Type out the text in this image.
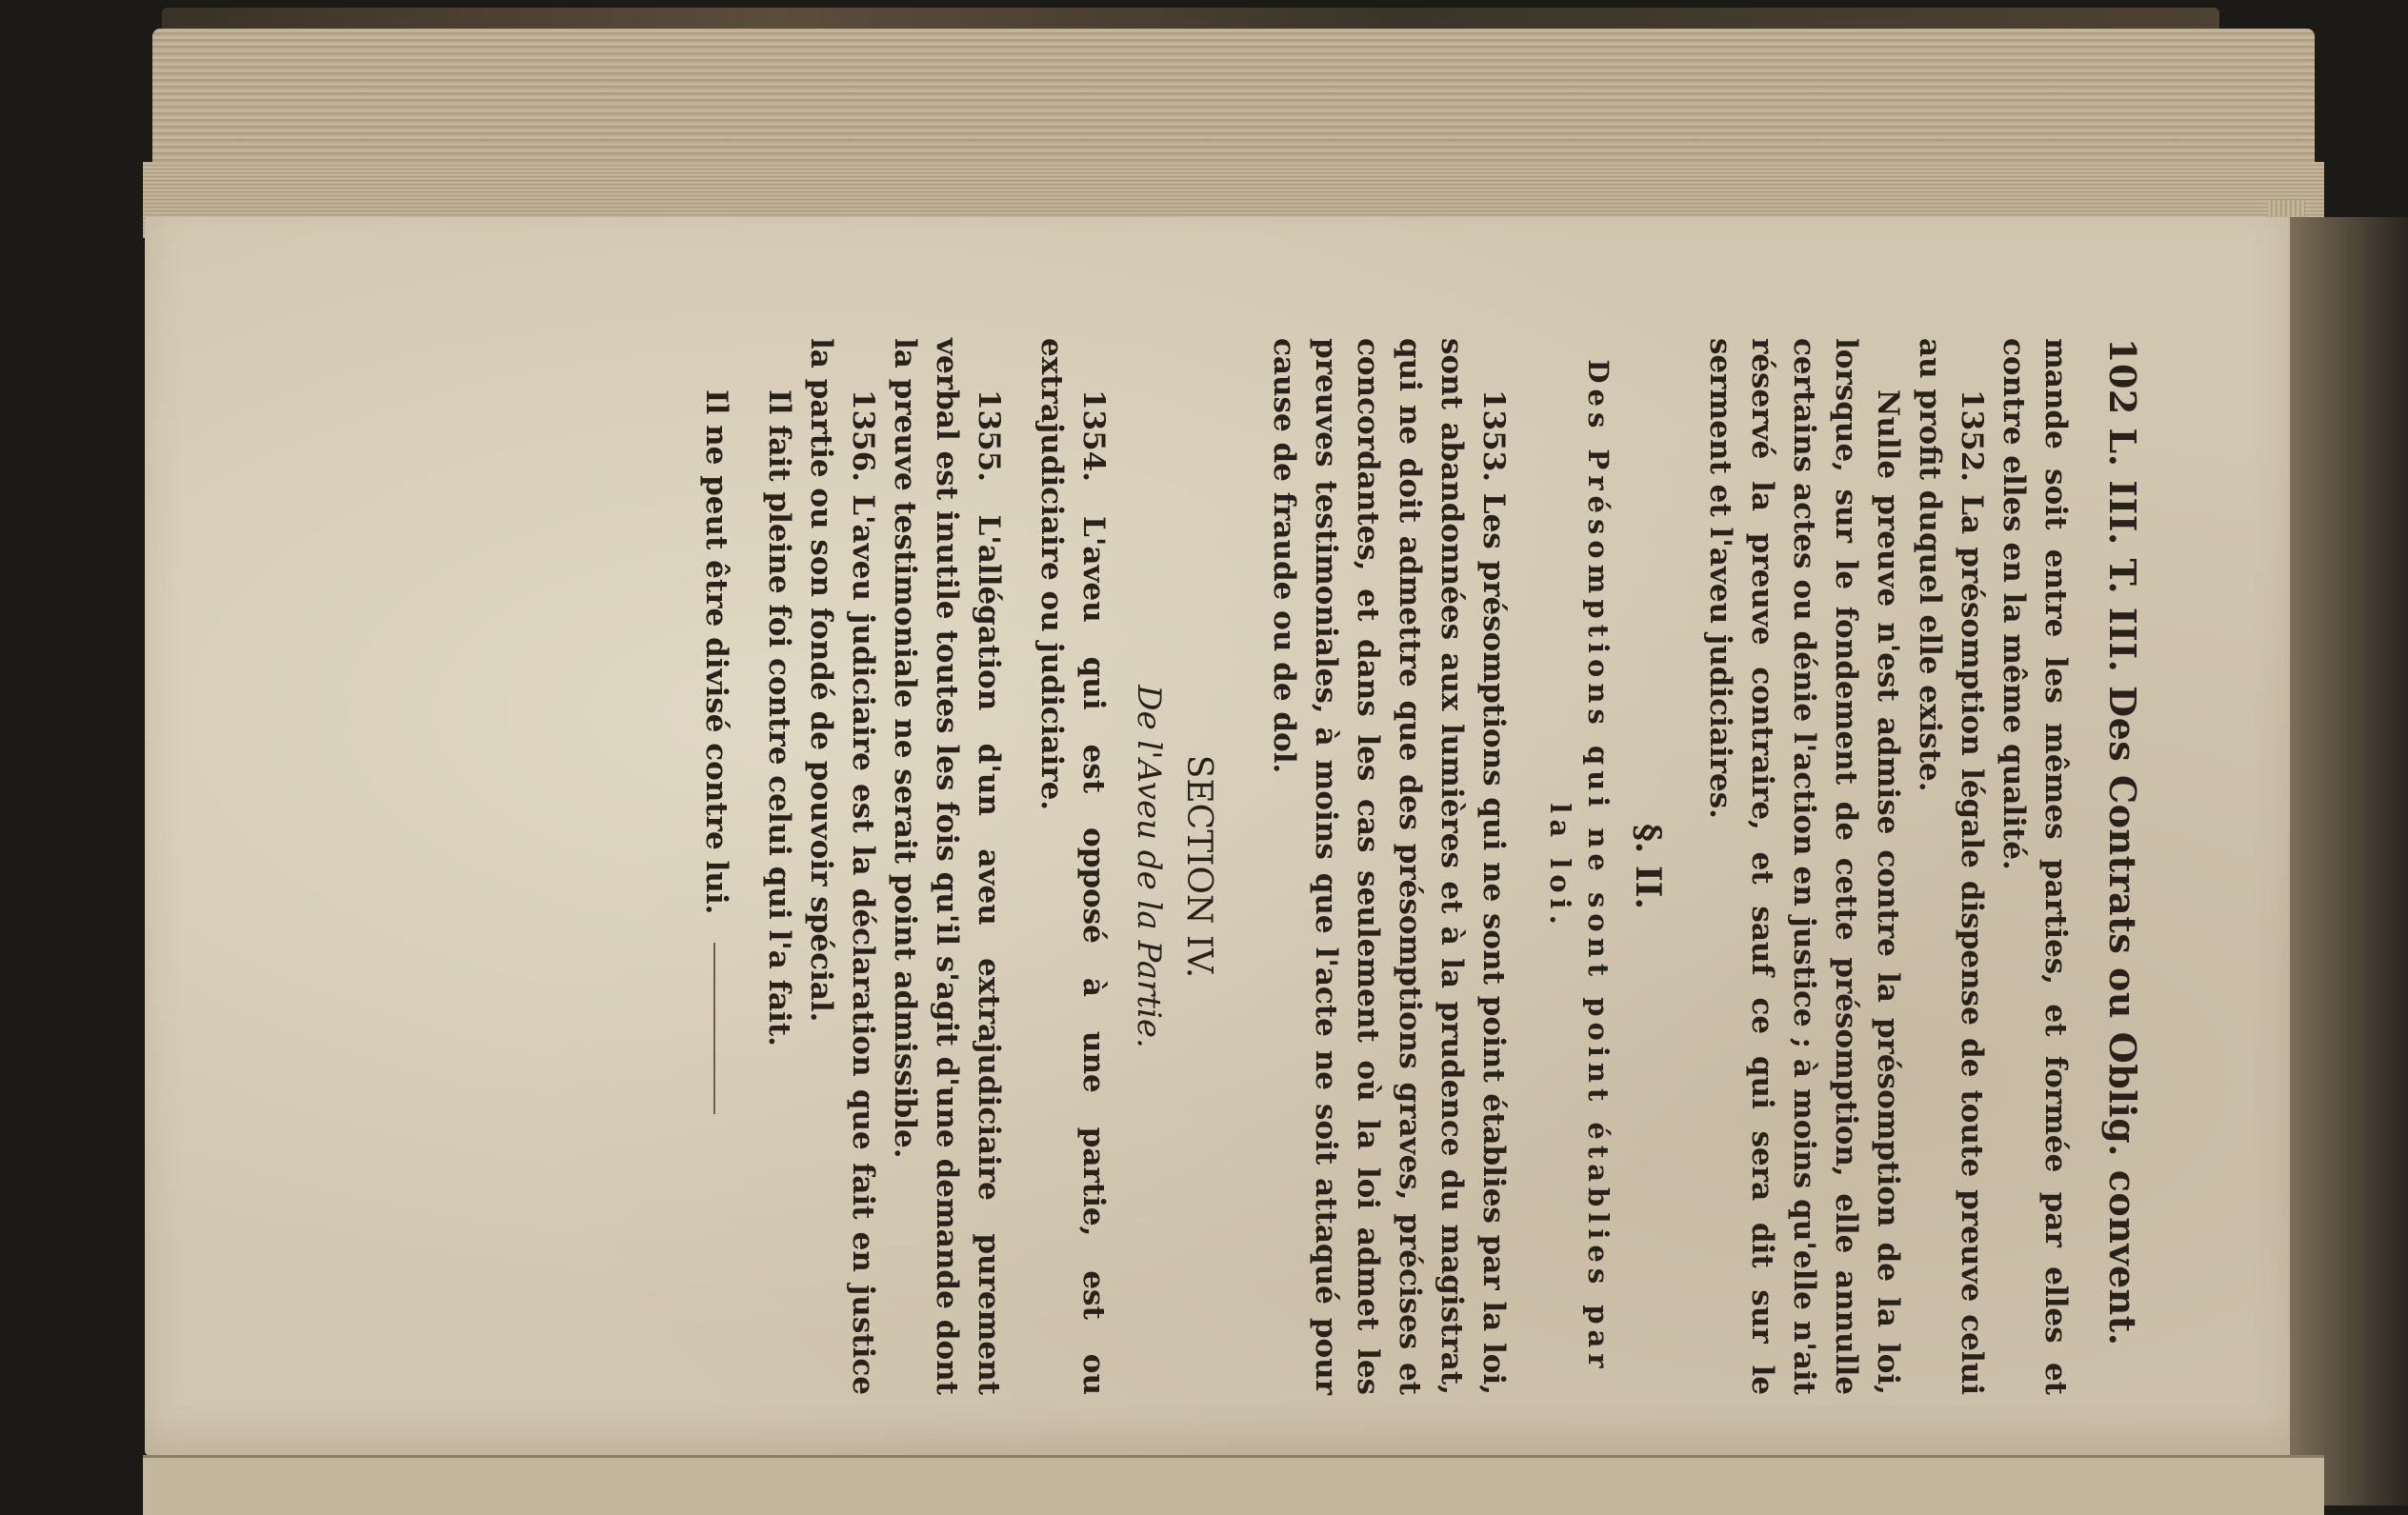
102 L. III. T. III. Des Contrats ou Oblig. convent.

mande soit entre les mêmes parties, et formée par elles et contre elles en la même qualité.

1352. La présomption légale dispense de toute preuve celui au profit duquel elle existe.

Nulle preuve n'est admise contre la présomption de la loi, lorsque, sur le fondement de cette présomption, elle annulle certains actes ou dénie l'action en justice ; à moins qu'elle n'ait réservé la preuve contraire, et sauf ce qui sera dit sur le serment et l'aveu judiciaires.

§. II.
Des Présomptions qui ne sont point établies par la loi.

1353. Les présomptions qui ne sont point établies par la loi, sont abandonnées aux lumières et à la prudence du magistrat, qui ne doit admettre que des présomptions graves, précises et concordantes, et dans les cas seulement où la loi admet les preuves testimoniales, à moins que l'acte ne soit attaqué pour cause de fraude ou de dol.

SECTION IV.
De l'Aveu de la Partie.

1354. L'aveu qui est opposé à une partie, est ou extrajudiciaire ou judiciaire.

1355. L'allégation d'un aveu extrajudiciaire purement verbal est inutile toutes les fois qu'il s'agit d'une demande dont la preuve testimoniale ne serait point admissible.

1356. L'aveu judiciaire est la déclaration que fait en justice la partie ou son fondé de pouvoir spécial.

Il fait pleine foi contre celui qui l'a fait.

Il ne peut être divisé contre lui.
